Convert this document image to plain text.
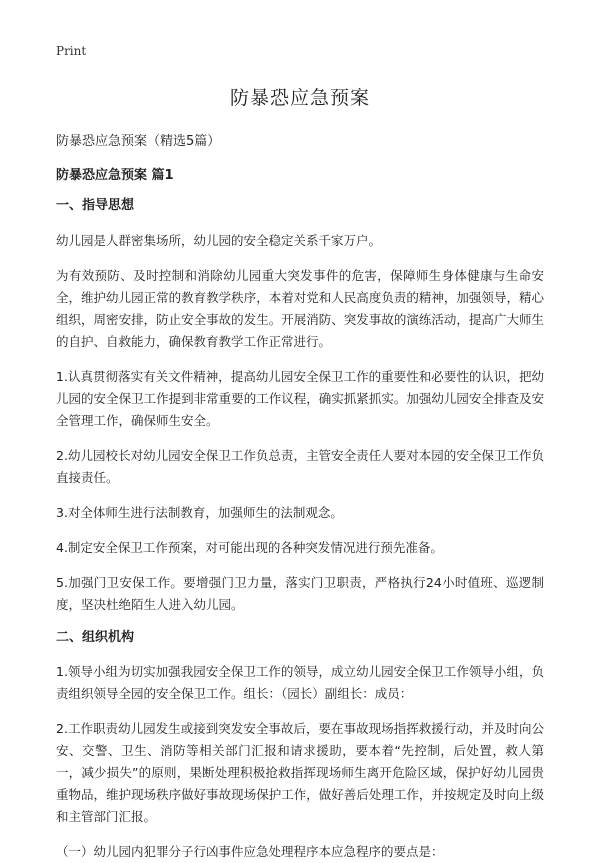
Print
防暴恐应急预案
防暴恐应急预案（精选5篇）
防暴恐应急预案 篇1
一、指导思想

幼儿园是人群密集场所，幼儿园的安全稳定关系千家万户。

为有效预防、及时控制和消除幼儿园重大突发事件的危害，保障师生身体健康与生命安全，维护幼儿园正常的教育教学秩序，本着对党和人民高度负责的精神，加强领导，精心组织，周密安排，防止安全事故的发生。开展消防、突发事故的演练活动，提高广大师生的自护、自救能力，确保教育教学工作正常进行。

1.认真贯彻落实有关文件精神，提高幼儿园安全保卫工作的重要性和必要性的认识，把幼儿园的安全保卫工作提到非常重要的工作议程，确实抓紧抓实。加强幼儿园安全排查及安全管理工作，确保师生安全。

2.幼儿园校长对幼儿园安全保卫工作负总责，主管安全责任人要对本园的安全保卫工作负直接责任。

3.对全体师生进行法制教育，加强师生的法制观念。

4.制定安全保卫工作预案，对可能出现的各种突发情况进行预先准备。

5.加强门卫安保工作。要增强门卫力量，落实门卫职责，严格执行24小时值班、巡逻制度，坚决杜绝陌生人进入幼儿园。

二、组织机构

1.领导小组为切实加强我园安全保卫工作的领导，成立幼儿园安全保卫工作领导小组，负责组织领导全园的安全保卫工作。组长：（园长）副组长：成员：

2.工作职责幼儿园发生或接到突发安全事故后，要在事故现场指挥救援行动，并及时向公安、交警、卫生、消防等相关部门汇报和请求援助，要本着“先控制，后处置，救人第一，减少损失”的原则，果断处理积极抢救指挥现场师生离开危险区域，保护好幼儿园贵重物品，维护现场秩序做好事故现场保护工作，做好善后处理工作，并按规定及时向上级和主管部门汇报。

（一）幼儿园内犯罪分子行凶事件应急处理程序本应急程序的要点是：
